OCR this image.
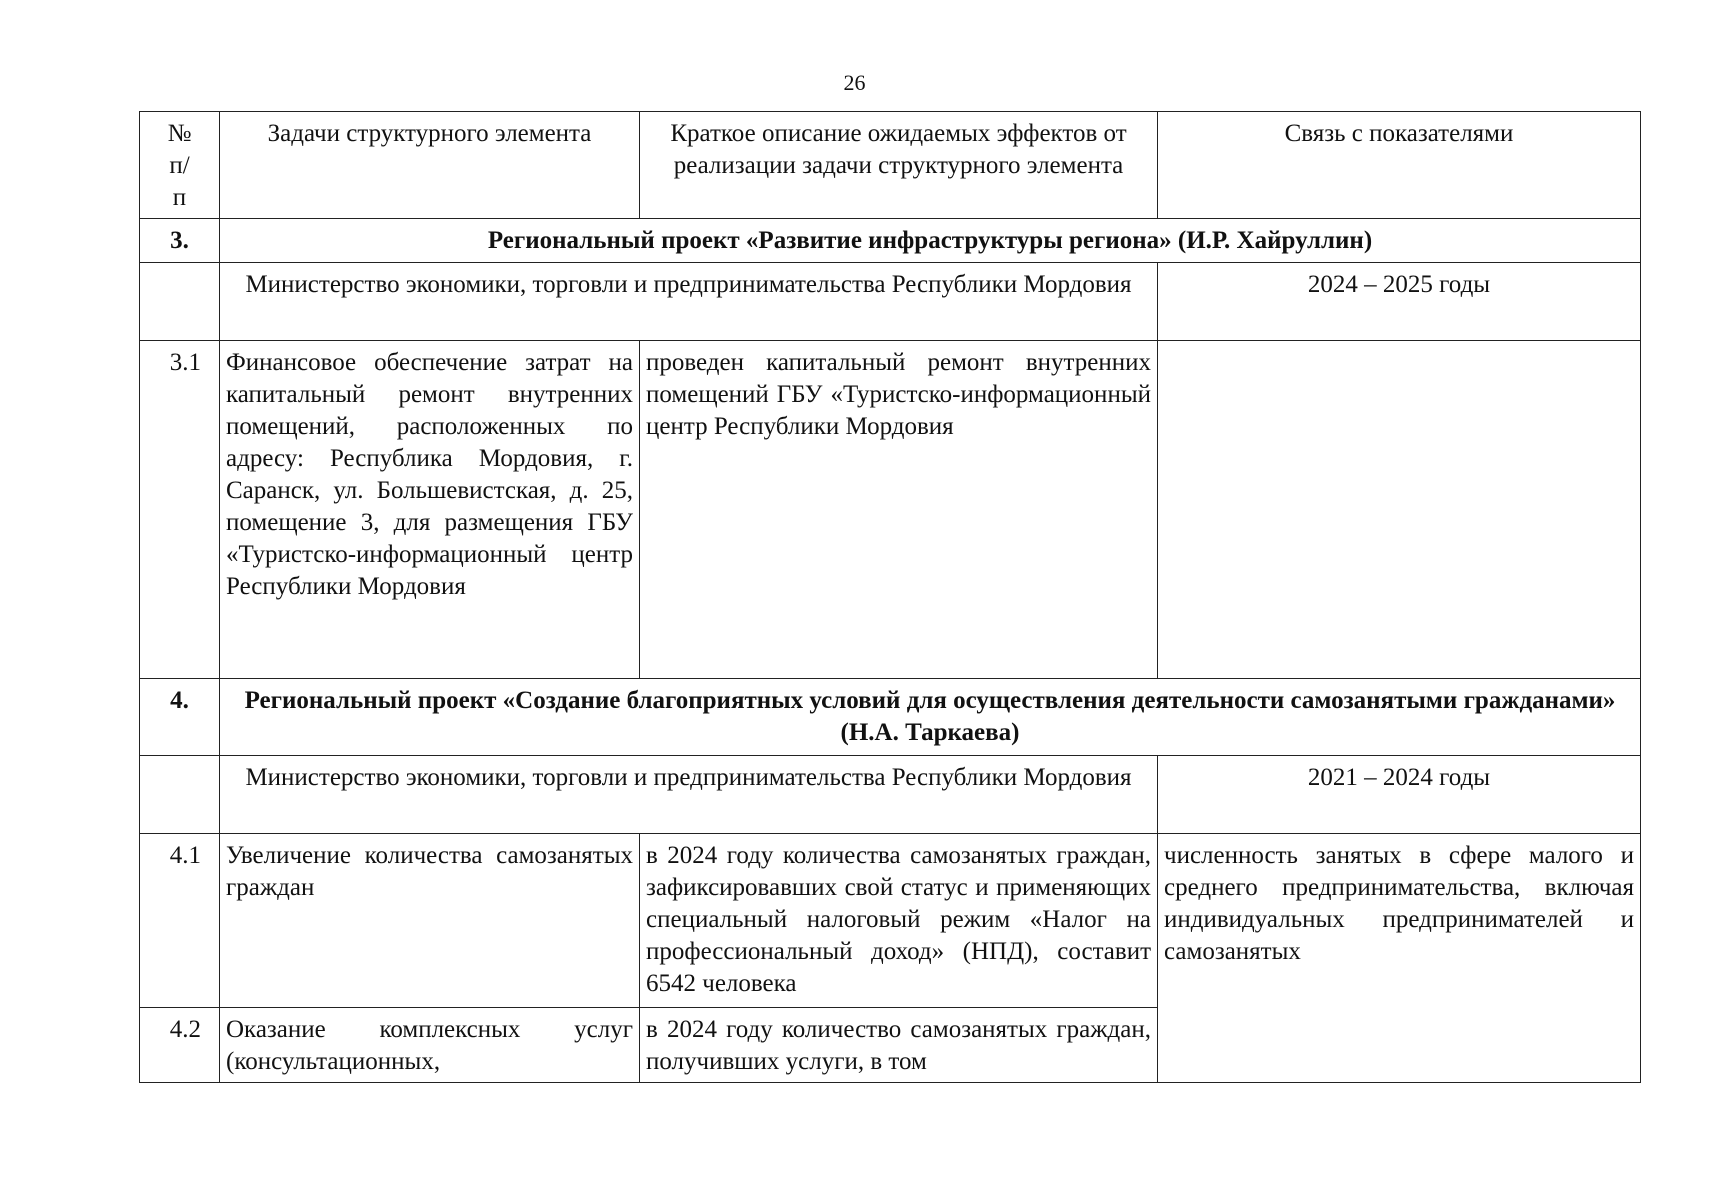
26
№ п/п	Задачи структурного элемента	Краткое описание ожидаемых эффектов от реализации задачи структурного элемента	Связь с показателями
3.	Региональный проект «Развитие инфраструктуры региона» (И.Р. Хайруллин)		
	Министерство экономики, торговли и предпринимательства Республики Мордовия		2024 – 2025 годы
3.1	Финансовое обеспечение затрат на капитальный ремонт внутренних помещений, расположенных по адресу: Республика Мордовия, г. Саранск, ул. Большевистская, д. 25, помещение 3, для размещения ГБУ «Туристско-информационный центр Республики Мордовия	проведен капитальный ремонт внутренних помещений ГБУ «Туристско-информационный центр Республики Мордовия	
4.	Региональный проект «Создание благоприятных условий для осуществления деятельности самозанятыми гражданами» (Н.А. Таркаева)		
	Министерство экономики, торговли и предпринимательства Республики Мордовия		2021 – 2024 годы
4.1	Увеличение количества самозанятых граждан	в 2024 году количества самозанятых граждан, зафиксировавших свой статус и применяющих специальный налоговый режим «Налог на профессиональный доход» (НПД), составит 6542 человека	численность занятых в сфере малого и среднего предпринимательства, включая индивидуальных предпринимателей и самозанятых
4.2	Оказание комплексных услуг (консультационных,	в 2024 году количество самозанятых граждан, получивших услуги, в том	
